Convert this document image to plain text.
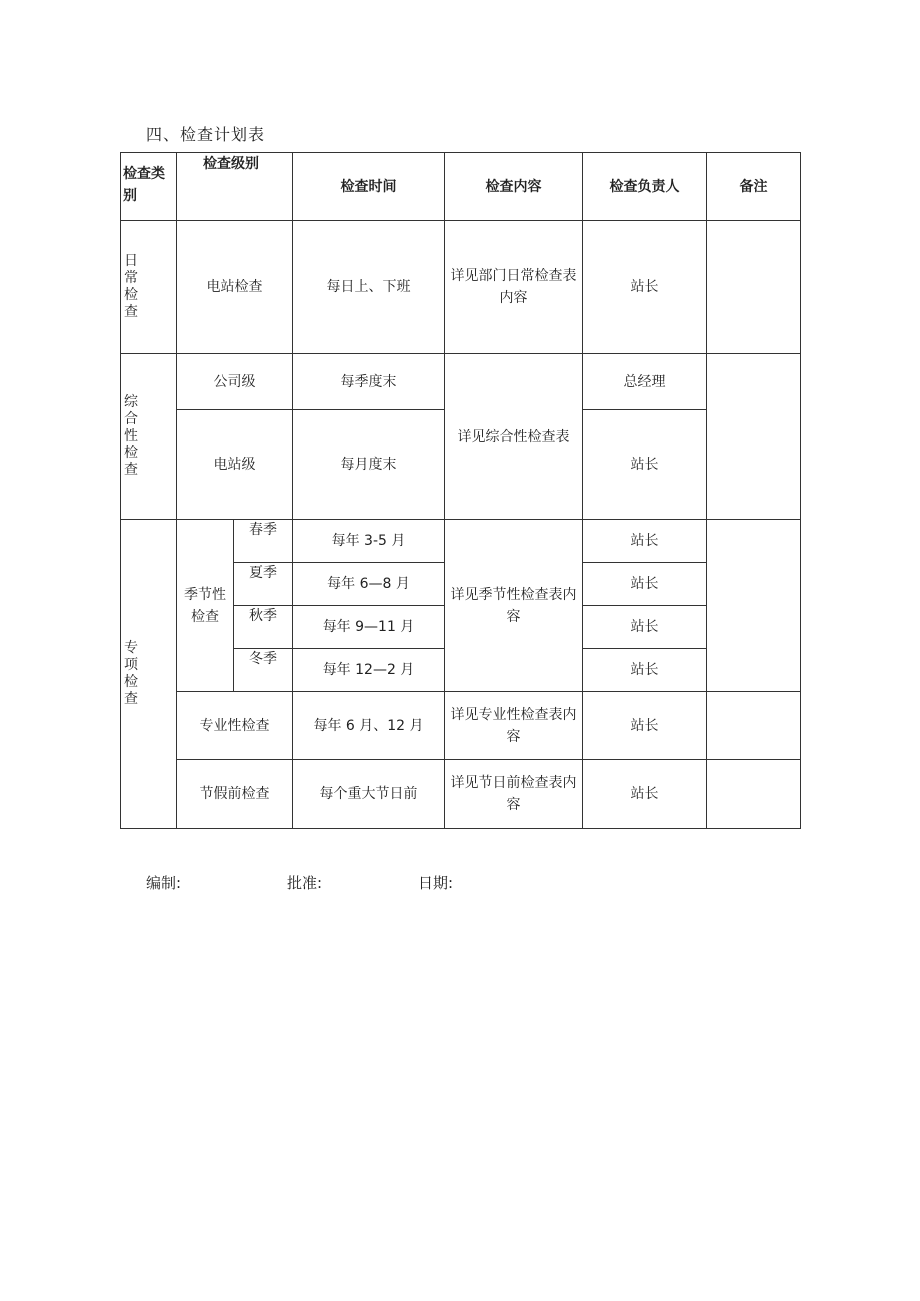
四、检查计划表
检查类别	检查级别		检查时间	检查内容	检查负责人	备注

日常检查	电站检查		每日上、下班	详见部门日常检查表内容	站长	

综合性检查	公司级		每季度末	详见综合性检查表	总经理	
	电站级		每月度末		站长	

专项检查	季节性检查	春季	每年 3-5 月	详见季节性检查表内容	站长	
		夏季	每年 6—8 月		站长	
		秋季	每年 9—11 月		站长	
		冬季	每年 12—2 月		站长	
	专业性检查		每年 6 月、12 月	详见专业性检查表内容	站长	
	节假前检查		每个重大节日前	详见节日前检查表内容	站长	
编制:	批准:	日期:
